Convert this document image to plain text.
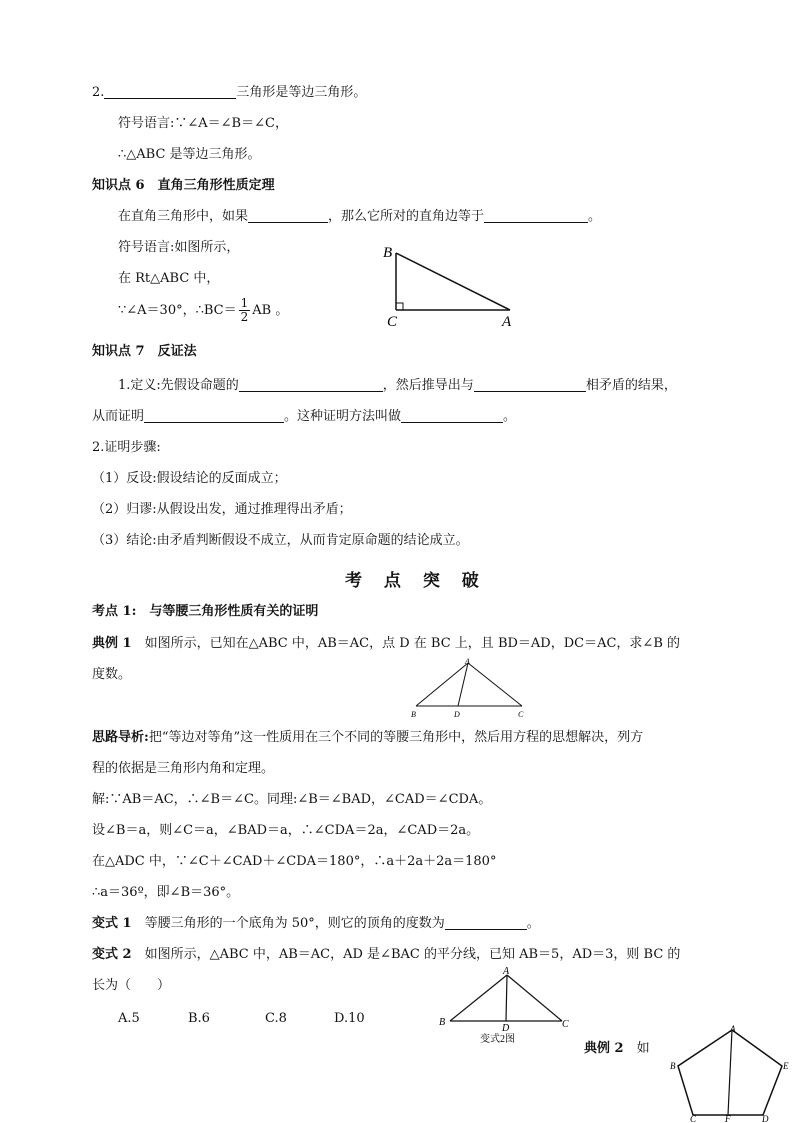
2.	三角形是等边三角形。
符号语言:∵∠A＝∠B＝∠C，
∴△ABC 是等边三角形。
知识点 6　直角三角形性质定理
在直角三角形中，如果	，那么它所对的直角边等于	。
符号语言:如图所示，
在 Rt△ABC 中，
∵∠A＝30°，∴BC＝ $\frac{1}{2}$ AB 。
B
C	A
知识点 7　反证法
1.定义:先假设命题的	，然后推导出与	相矛盾的结果，
从而证明	。这种证明方法叫做	。
2.证明步骤:
（1）反设:假设结论的反面成立；
（2）归谬:从假设出发，通过推理得出矛盾；
（3）结论:由矛盾判断假设不成立，从而肯定原命题的结论成立。
考 点 突 破
考点 1:　与等腰三角形性质有关的证明
典例 1　如图所示，已知在△ABC 中，AB＝AC，点 D 在 BC 上，且 BD＝AD，DC＝AC，求∠B 的
度数。
A
B	D	C
思路导析:把“等边对等角”这一性质用在三个不同的等腰三角形中，然后用方程的思想解决，列方
程的依据是三角形内角和定理。
解:∵AB＝AC，∴∠B＝∠C。同理:∠B＝∠BAD，∠CAD＝∠CDA。
设∠B＝a，则∠C＝a，∠BAD＝a，∴∠CDA＝2a，∠CAD＝2a。
在△ADC 中，∵∠C＋∠CAD＋∠CDA＝180°，∴a＋2a＋2a＝180°
∴a＝36º，即∠B＝36°。
变式 1　等腰三角形的一个底角为 50°，则它的顶角的度数为	。
变式 2　如图所示，△ABC 中，AB＝AC，AD 是∠BAC 的平分线，已知 AB＝5，AD＝3，则 BC 的
长为（　　）
A.5	B.6	C.8	D.10
A
B
D	C
变式2图
典例 2　如
A
B	E
C	F	D
